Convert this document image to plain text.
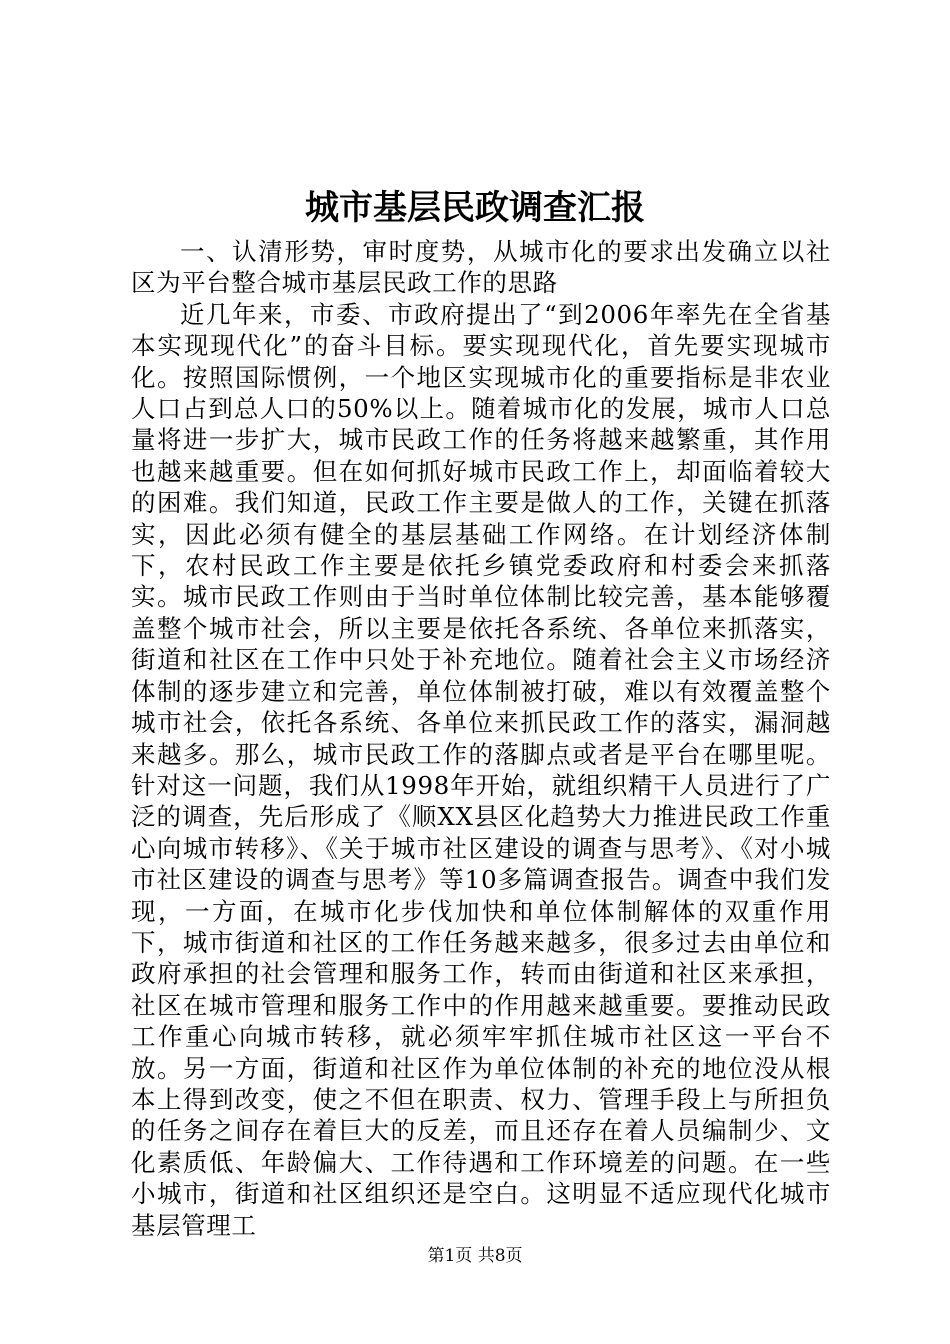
城市基层民政调查汇报

一、认清形势，审时度势，从城市化的要求出发确立以社区为平台整合城市基层民政工作的思路

近几年来，市委、市政府提出了“到2006年率先在全省基本实现现代化”的奋斗目标。要实现现代化，首先要实现城市化。按照国际惯例，一个地区实现城市化的重要指标是非农业人口占到总人口的50%以上。随着城市化的发展，城市人口总量将进一步扩大，城市民政工作的任务将越来越繁重，其作用也越来越重要。但在如何抓好城市民政工作上，却面临着较大的困难。我们知道，民政工作主要是做人的工作，关键在抓落实，因此必须有健全的基层基础工作网络。在计划经济体制下，农村民政工作主要是依托乡镇党委政府和村委会来抓落实。城市民政工作则由于当时单位体制比较完善，基本能够覆盖整个城市社会，所以主要是依托各系统、各单位来抓落实，街道和社区在工作中只处于补充地位。随着社会主义市场经济体制的逐步建立和完善，单位体制被打破，难以有效覆盖整个城市社会，依托各系统、各单位来抓民政工作的落实，漏洞越来越多。那么，城市民政工作的落脚点或者是平台在哪里呢。针对这一问题，我们从1998年开始，就组织精干人员进行了广泛的调查，先后形成了《顺XX县区化趋势大力推进民政工作重心向城市转移》、《关于城市社区建设的调查与思考》、《对小城市社区建设的调查与思考》等10多篇调查报告。调查中我们发现，一方面，在城市化步伐加快和单位体制解体的双重作用下，城市街道和社区的工作任务越来越多，很多过去由单位和政府承担的社会管理和服务工作，转而由街道和社区来承担，社区在城市管理和服务工作中的作用越来越重要。要推动民政工作重心向城市转移，就必须牢牢抓住城市社区这一平台不放。另一方面，街道和社区作为单位体制的补充的地位没从根本上得到改变，使之不但在职责、权力、管理手段上与所担负的任务之间存在着巨大的反差，而且还存在着人员编制少、文化素质低、年龄偏大、工作待遇和工作环境差的问题。在一些小城市，街道和社区组织还是空白。这明显不适应现代化城市基层管理工

第1页 共8页
